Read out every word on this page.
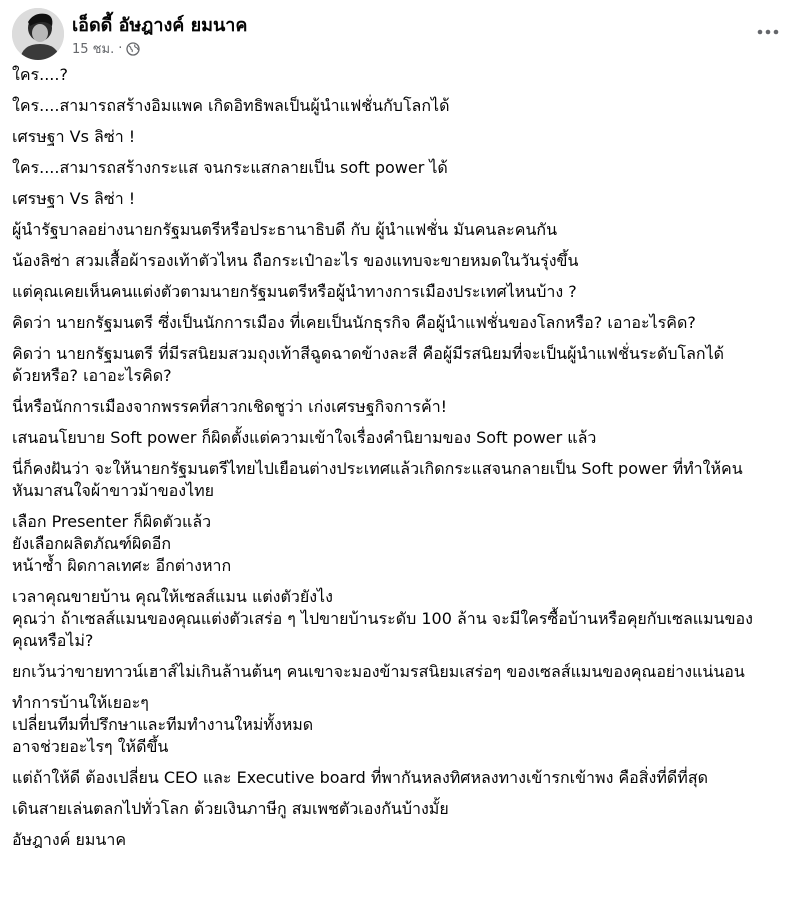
เอ็ดดี้ อัษฎางค์ ยมนาค
15 ชม. ·

ใคร....?

ใคร....สามารถสร้างอิมแพค เกิดอิทธิพลเป็นผู้นำแฟชั่นกับโลกได้

เศรษฐา Vs ลิซ่า !

ใคร....สามารถสร้างกระแส จนกระแสกลายเป็น soft power ได้

เศรษฐา Vs ลิซ่า !

ผู้นำรัฐบาลอย่างนายกรัฐมนตรีหรือประธานาธิบดี กับ ผู้นำแฟชั่น มันคนละคนกัน

น้องลิซ่า สวมเสื้อผ้ารองเท้าตัวไหน ถือกระเป๋าอะไร ของแทบจะขายหมดในวันรุ่งขึ้น

แต่คุณเคยเห็นคนแต่งตัวตามนายกรัฐมนตรีหรือผู้นำทางการเมืองประเทศไหนบ้าง ?

คิดว่า นายกรัฐมนตรี ซึ่งเป็นนักการเมือง ที่เคยเป็นนักธุรกิจ คือผู้นำแฟชั่นของโลกหรือ? เอาอะไรคิด?

คิดว่า นายกรัฐมนตรี ที่มีรสนิยมสวมถุงเท้าสีฉูดฉาดข้างละสี คือผู้มีรสนิยมที่จะเป็นผู้นำแฟชั่นระดับโลกได้
ด้วยหรือ? เอาอะไรคิด?

นี่หรือนักการเมืองจากพรรคที่สาวกเชิดชูว่า เก่งเศรษฐกิจการค้า!

เสนอนโยบาย Soft power ก็ผิดตั้งแต่ความเข้าใจเรื่องคำนิยามของ Soft power แล้ว

นี่ก็คงฝันว่า จะให้นายกรัฐมนตรีไทยไปเยือนต่างประเทศแล้วเกิดกระแสจนกลายเป็น Soft power ที่ทำให้คน
หันมาสนใจผ้าขาวม้าของไทย

เลือก Presenter ก็ผิดตัวแล้ว
ยังเลือกผลิตภัณฑ์ผิดอีก
หน้าซ้ำ ผิดกาลเทศะ อีกต่างหาก

เวลาคุณขายบ้าน คุณให้เซลส์แมน แต่งตัวยังไง
คุณว่า ถ้าเซลส์แมนของคุณแต่งตัวเสร่อ ๆ ไปขายบ้านระดับ 100 ล้าน จะมีใครซื้อบ้านหรือคุยกับเซลแมนของ
คุณหรือไม่?

ยกเว้นว่าขายทาวน์เฮาส์ไม่เกินล้านต้นๆ คนเขาจะมองข้ามรสนิยมเสร่อๆ ของเซลส์แมนของคุณอย่างแน่นอน

ทำการบ้านให้เยอะๆ
เปลี่ยนทีมที่ปรึกษาและทีมทำงานใหม่ทั้งหมด
อาจช่วยอะไรๆ ให้ดีขึ้น

แต่ถ้าให้ดี ต้องเปลี่ยน CEO และ Executive board ที่พากันหลงทิศหลงทางเข้ารกเข้าพง คือสิ่งที่ดีที่สุด

เดินสายเล่นตลกไปทั่วโลก ด้วยเงินภาษีกู สมเพชตัวเองกันบ้างมั้ย

อัษฎางค์ ยมนาค
